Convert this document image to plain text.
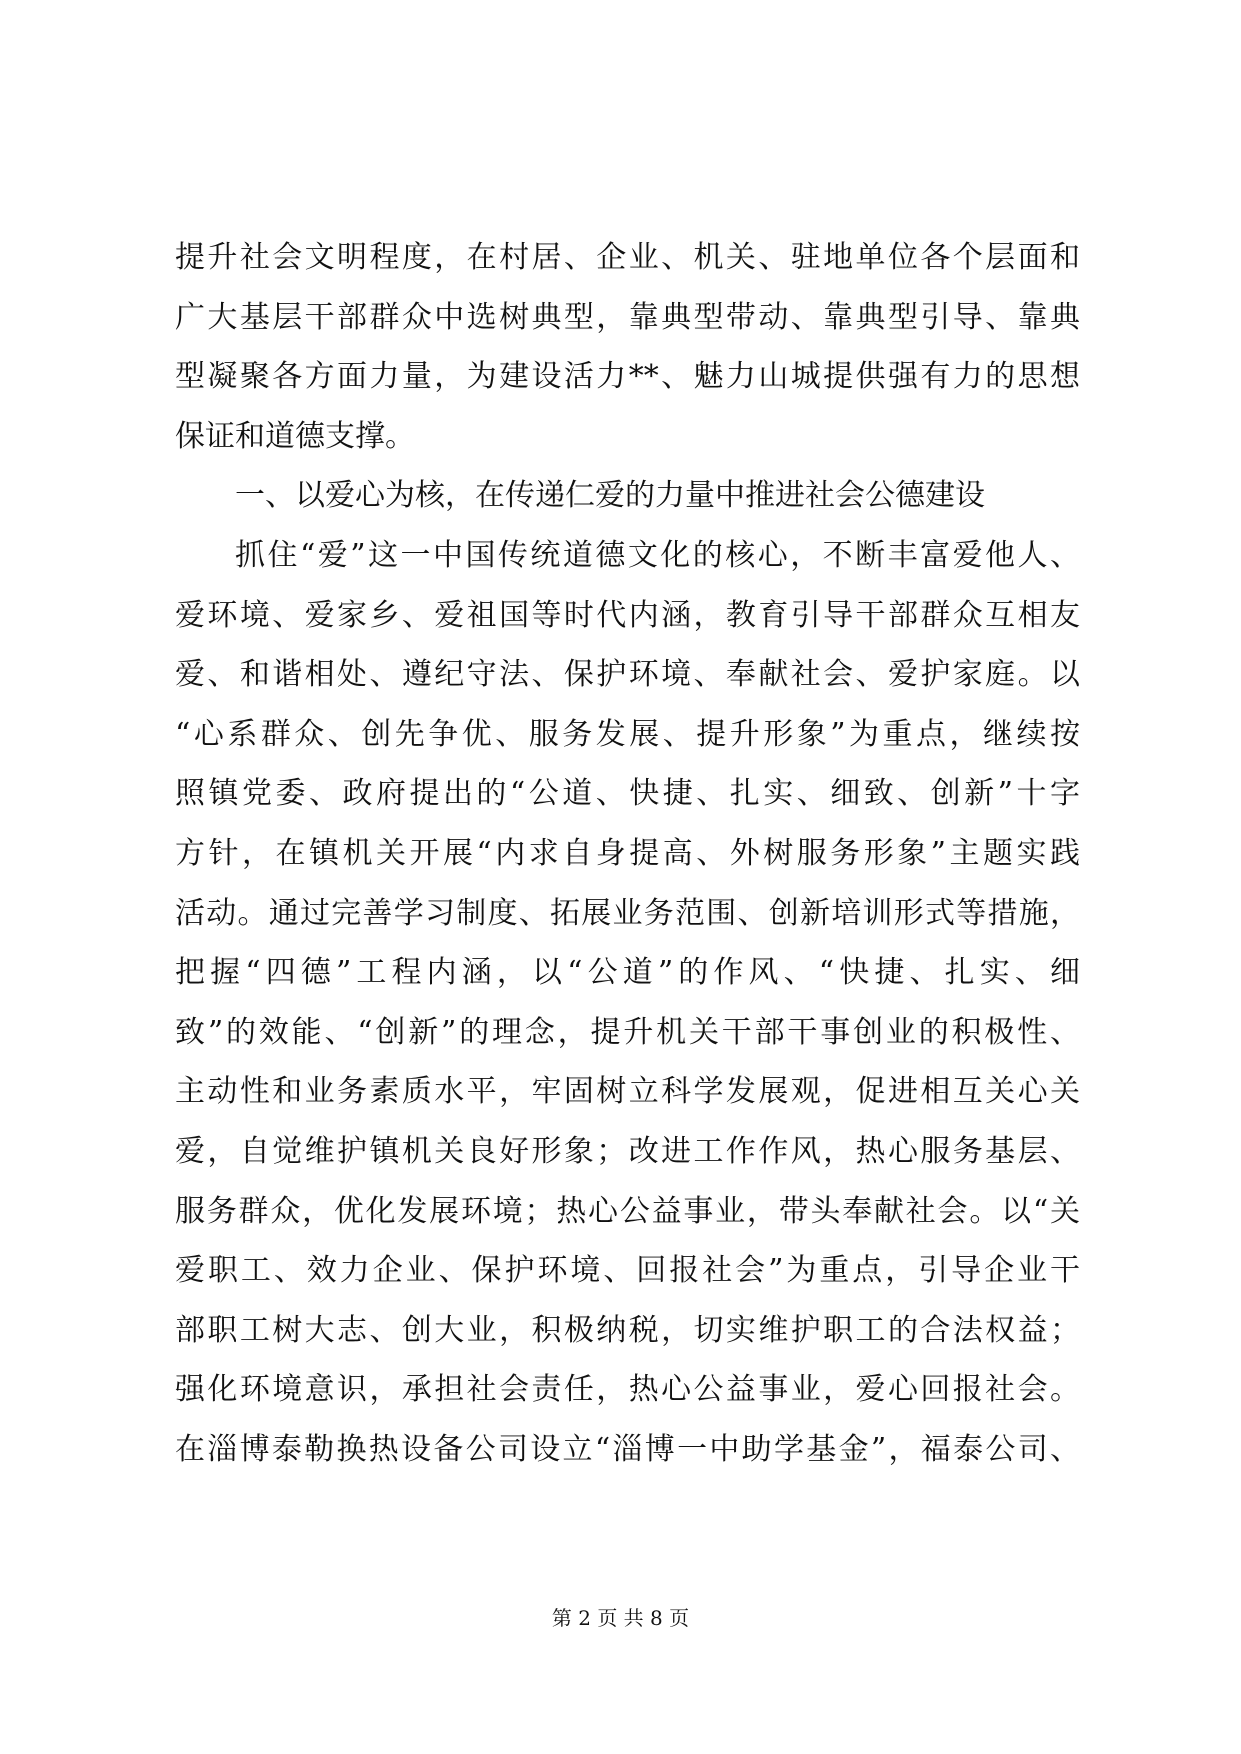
提升社会文明程度，在村居、企业、机关、驻地单位各个层面和
广大基层干部群众中选树典型，靠典型带动、靠典型引导、靠典
型凝聚各方面力量，为建设活力**、魅力山城提供强有力的思想
保证和道德支撑。
一、以爱心为核，在传递仁爱的力量中推进社会公德建设
抓住“爱”这一中国传统道德文化的核心，不断丰富爱他人、
爱环境、爱家乡、爱祖国等时代内涵，教育引导干部群众互相友
爱、和谐相处、遵纪守法、保护环境、奉献社会、爱护家庭。以
“心系群众、创先争优、服务发展、提升形象”为重点，继续按
照镇党委、政府提出的“公道、快捷、扎实、细致、创新”十字
方针，在镇机关开展“内求自身提高、外树服务形象”主题实践
活动。通过完善学习制度、拓展业务范围、创新培训形式等措施，
把握“四德”工程内涵，以“公道”的作风、“快捷、扎实、细
致”的效能、“创新”的理念，提升机关干部干事创业的积极性、
主动性和业务素质水平，牢固树立科学发展观，促进相互关心关
爱，自觉维护镇机关良好形象；改进工作作风，热心服务基层、
服务群众，优化发展环境；热心公益事业，带头奉献社会。以“关
爱职工、效力企业、保护环境、回报社会”为重点，引导企业干
部职工树大志、创大业，积极纳税，切实维护职工的合法权益；
强化环境意识，承担社会责任，热心公益事业，爱心回报社会。
在淄博泰勒换热设备公司设立“淄博一中助学基金”，福泰公司、
第 2 页 共 8 页
